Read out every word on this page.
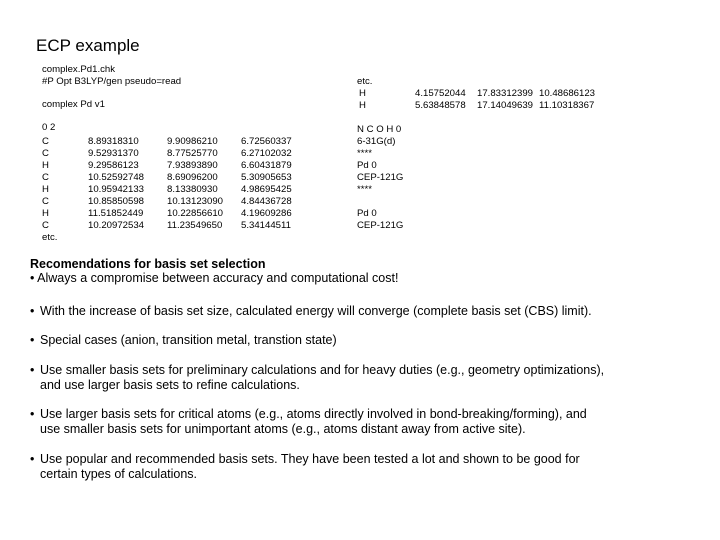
ECP example
complex.Pd1.chk
#P Opt B3LYP/gen pseudo=read
complex Pd v1
0 2
C	8.89318310	9.90986210 6.72560337
C	9.52931370	8.77525770 6.27102032
H	9.29586123	7.93893890 6.60431879
C	10.52592748 8.69096200 5.30905653
H	10.95942133 8.13380930 4.98695425
C	10.85850598 10.13123090 4.84436728
H	11.51852449 10.22856610 4.19609286
C	10.20972534 11.23549650 5.34144511
etc.
etc.
H	4.15752044 17.83312399 10.48686123
H	5.63848578 17.14049639 11.10318367
N C O H 0
6-31G(d)
****
Pd 0
CEP-121G
****
Pd 0
CEP-121G
Recomendations for basis set selection
• Always a compromise between accuracy and computational cost!
• With the increase of basis set size, calculated energy will converge (complete basis set (CBS) limit).
• Special cases (anion, transition metal, transtion state)
• Use smaller basis sets for preliminary calculations and for heavy duties (e.g., geometry optimizations),
and use larger basis sets to refine calculations.
• Use larger basis sets for critical atoms (e.g., atoms directly involved in bond-breaking/forming), and
use smaller basis sets for unimportant atoms (e.g., atoms distant away from active site).
• Use popular and recommended basis sets. They have been tested a lot and shown to be good for
certain types of calculations.
